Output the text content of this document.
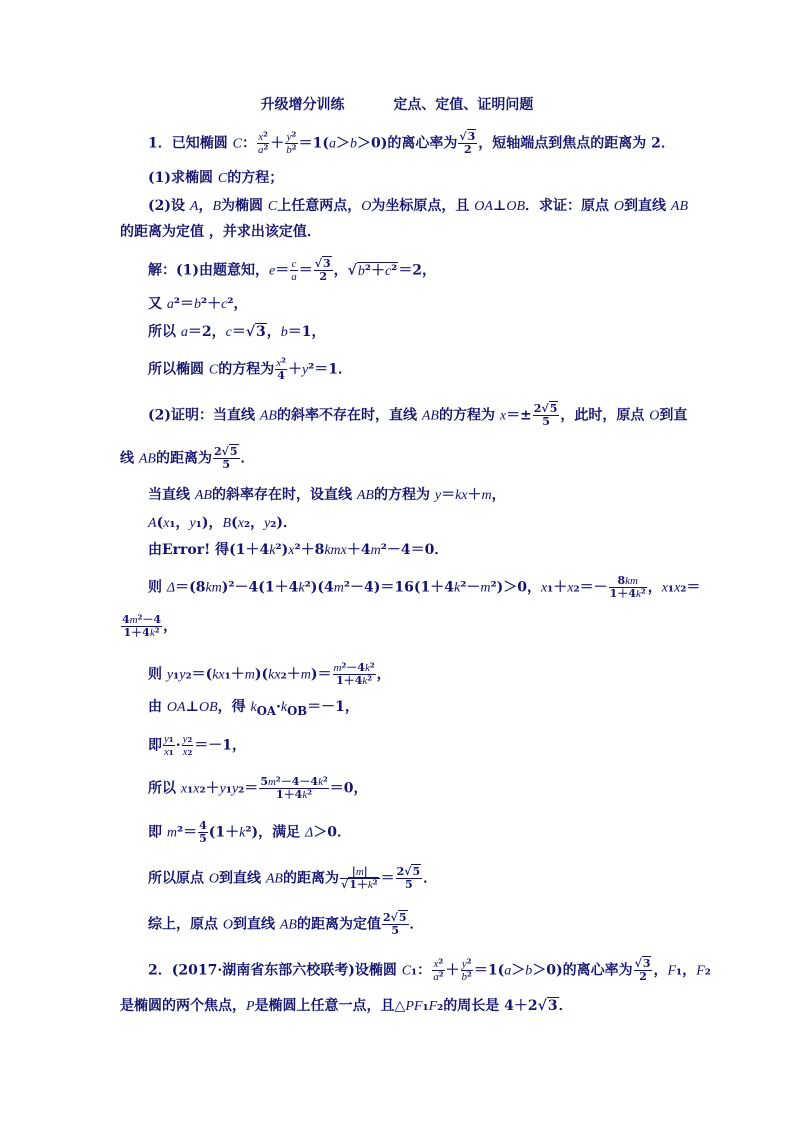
升级增分训练	定点、定值、证明问题
1．已知椭圆 C： $\frac{\text{x²}}{\text{a²}} + \frac{\text{y²}}{\text{b²}} =1(a>b>0)$的离心率为 $\frac{√3}{2}$ ，短轴端点到焦点的距离为 2．
(1)求椭圆 C的方程；
(2)设 A，B为椭圆 C上任意两点，O为坐标原点，且 OA⊥OB．求证：原点 O到直线 AB
的距离为定值 ，并求出该定值．
解：(1)由题意知，$e= \frac{c}{a} = \frac{√3}{2}$ ，√b²＋c²＝2，
又 a²＝b²＋c²，
所以 a＝2，c＝√3，b＝1，
所以椭圆 C的方程为 $\frac{\text{x²}}{4} +y^2=1$．
(2)证明：当直线 AB的斜率不存在时，直线 AB的方程为 $x=\pm \frac{2√5}{5}$ ，此时，原点 O到直
线 AB的距离为 $\frac{2√5}{5}$ ．
当直线 AB的斜率存在时，设直线 AB的方程为 y＝kx＋m，
A(x₁，y₁)，B(x₂，y₂)．
由Error! 得(1＋4k²)x²＋8kmx＋4m²－4＝0．
则 Δ＝(8km)²－4(1＋4k²)(4m²－4)＝16(1＋4k²－m²)＞0，$x_1+x_2=- \frac{8km}{\text{1＋4k²}}$ ，x₁x₂＝
$\frac{\text{4m²－4}}{\text{1＋4k²}}$ ，
则 $y_1y_2=(kx_1+m)(kx_2+m)= \frac{\text{m²－4k²}}{\text{1＋4k²}}$ ，
由 OA⊥OB，得 $k_{OA}\cdot k_{OB}=-1$，
即 $\frac{\text{y₁}}{\text{x₁}} \cdot \frac{\text{y₂}}{\text{x₂}} =-1$，
所以 $x_1x_2+y_1y_2= \frac{\text{5m²－4－4k²}}{\text{1＋4k²}} =0$，
即 $m^2= \frac{4}{5} (1+k^2)$，满足 Δ＞0．
所以原点 O到直线 AB的距离为 $\frac{|m|}{\text{√1＋k²}} = \frac{2√5}{5}$ ．
综上，原点 O到直线 AB的距离为定值 $\frac{2√5}{5}$ ．
2．(2017·湖南省东部六校联考)设椭圆 C₁： $\frac{\text{x²}}{\text{a²}} + \frac{\text{y²}}{\text{b²}} =1(a>b>0)$的离心率为 $\frac{√3}{2}$ ，F₁，F₂
是椭圆的两个焦点，P是椭圆上任意一点，且△PF₁F₂的周长是 4＋2√3．
